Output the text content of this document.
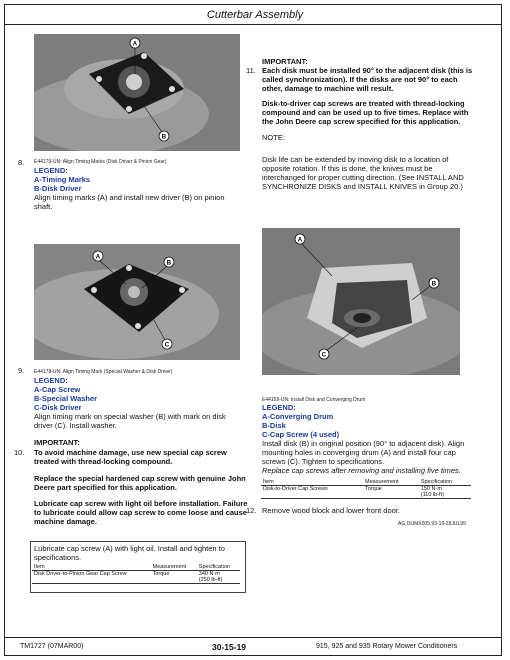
Cutterbar Assembly
A
B
E44179-UN: Align Timing Marks (Disk Driver & Pinion Gear)
8.
LEGEND:
A-Timing Marks
B-Disk Driver
Align timing marks (A) and install new driver (B) on pinion shaft.
A
B
C
E44178-UN: Align Timing Mark (Special Washer & Disk Driver)
9.
LEGEND:
A-Cap Screw
B-Special Washer
C-Disk Driver
Align timing mark on special washer (B) with mark on disk driver (C). Install washer.
IMPORTANT:
10. To avoid machine damage, use new special cap screw treated with thread-locking compound.
Replace the special hardened cap screw with genuine John Deere part specified for this application.
Lubricate cap screw with light oil before installation. Failure to lubricate could allow cap screw to come loose and cause machine damage.
Lubricate cap screw (A) with light oil. Install and tighten to specifications.
Item	Measurement	Specification
Disk Driver-to-Pinion Gear Cap Screw	Torque	340 N·m
(250 lb-ft)
IMPORTANT:
11. Each disk must be installed 90° to the adjacent disk (this is called synchronization). If the disks are not 90° to each other, damage to machine will result.
Disk-to-driver cap screws are treated with thread-locking compound and can be used up to five times. Replace with the John Deere cap screw specified for this application.
NOTE:
Disk life can be extended by moving disk to a location of opposite rotation. If this is done, the knives must be interchanged for proper cutting direction. (See INSTALL AND SYNCHRONIZE DISKS and INSTALL KNIVES in Group 20.)
A
B
C
E44159-UN: Install Disk and Converging Drum
LEGEND:
A-Converging Drum
B-Disk
C-Cap Screw (4 used)
Install disk (B) in original position (90° to adjacent disk). Align mounting holes in converging drum (A) and install four cap screws (C). Tighten to specifications.
Replace cap screws after removing and installing five times.
Item	Measurement	Specification
Disk-to-Driver Cap Screws	Torque	150 N·m
(110 lb-ft)
12. Remove wood block and lower front door.
AG,OUMX005,93-19-28JUL99
TM1727 (07MAR00)	30-15-19	915, 925 and 935 Rotary Mower Conditioners
